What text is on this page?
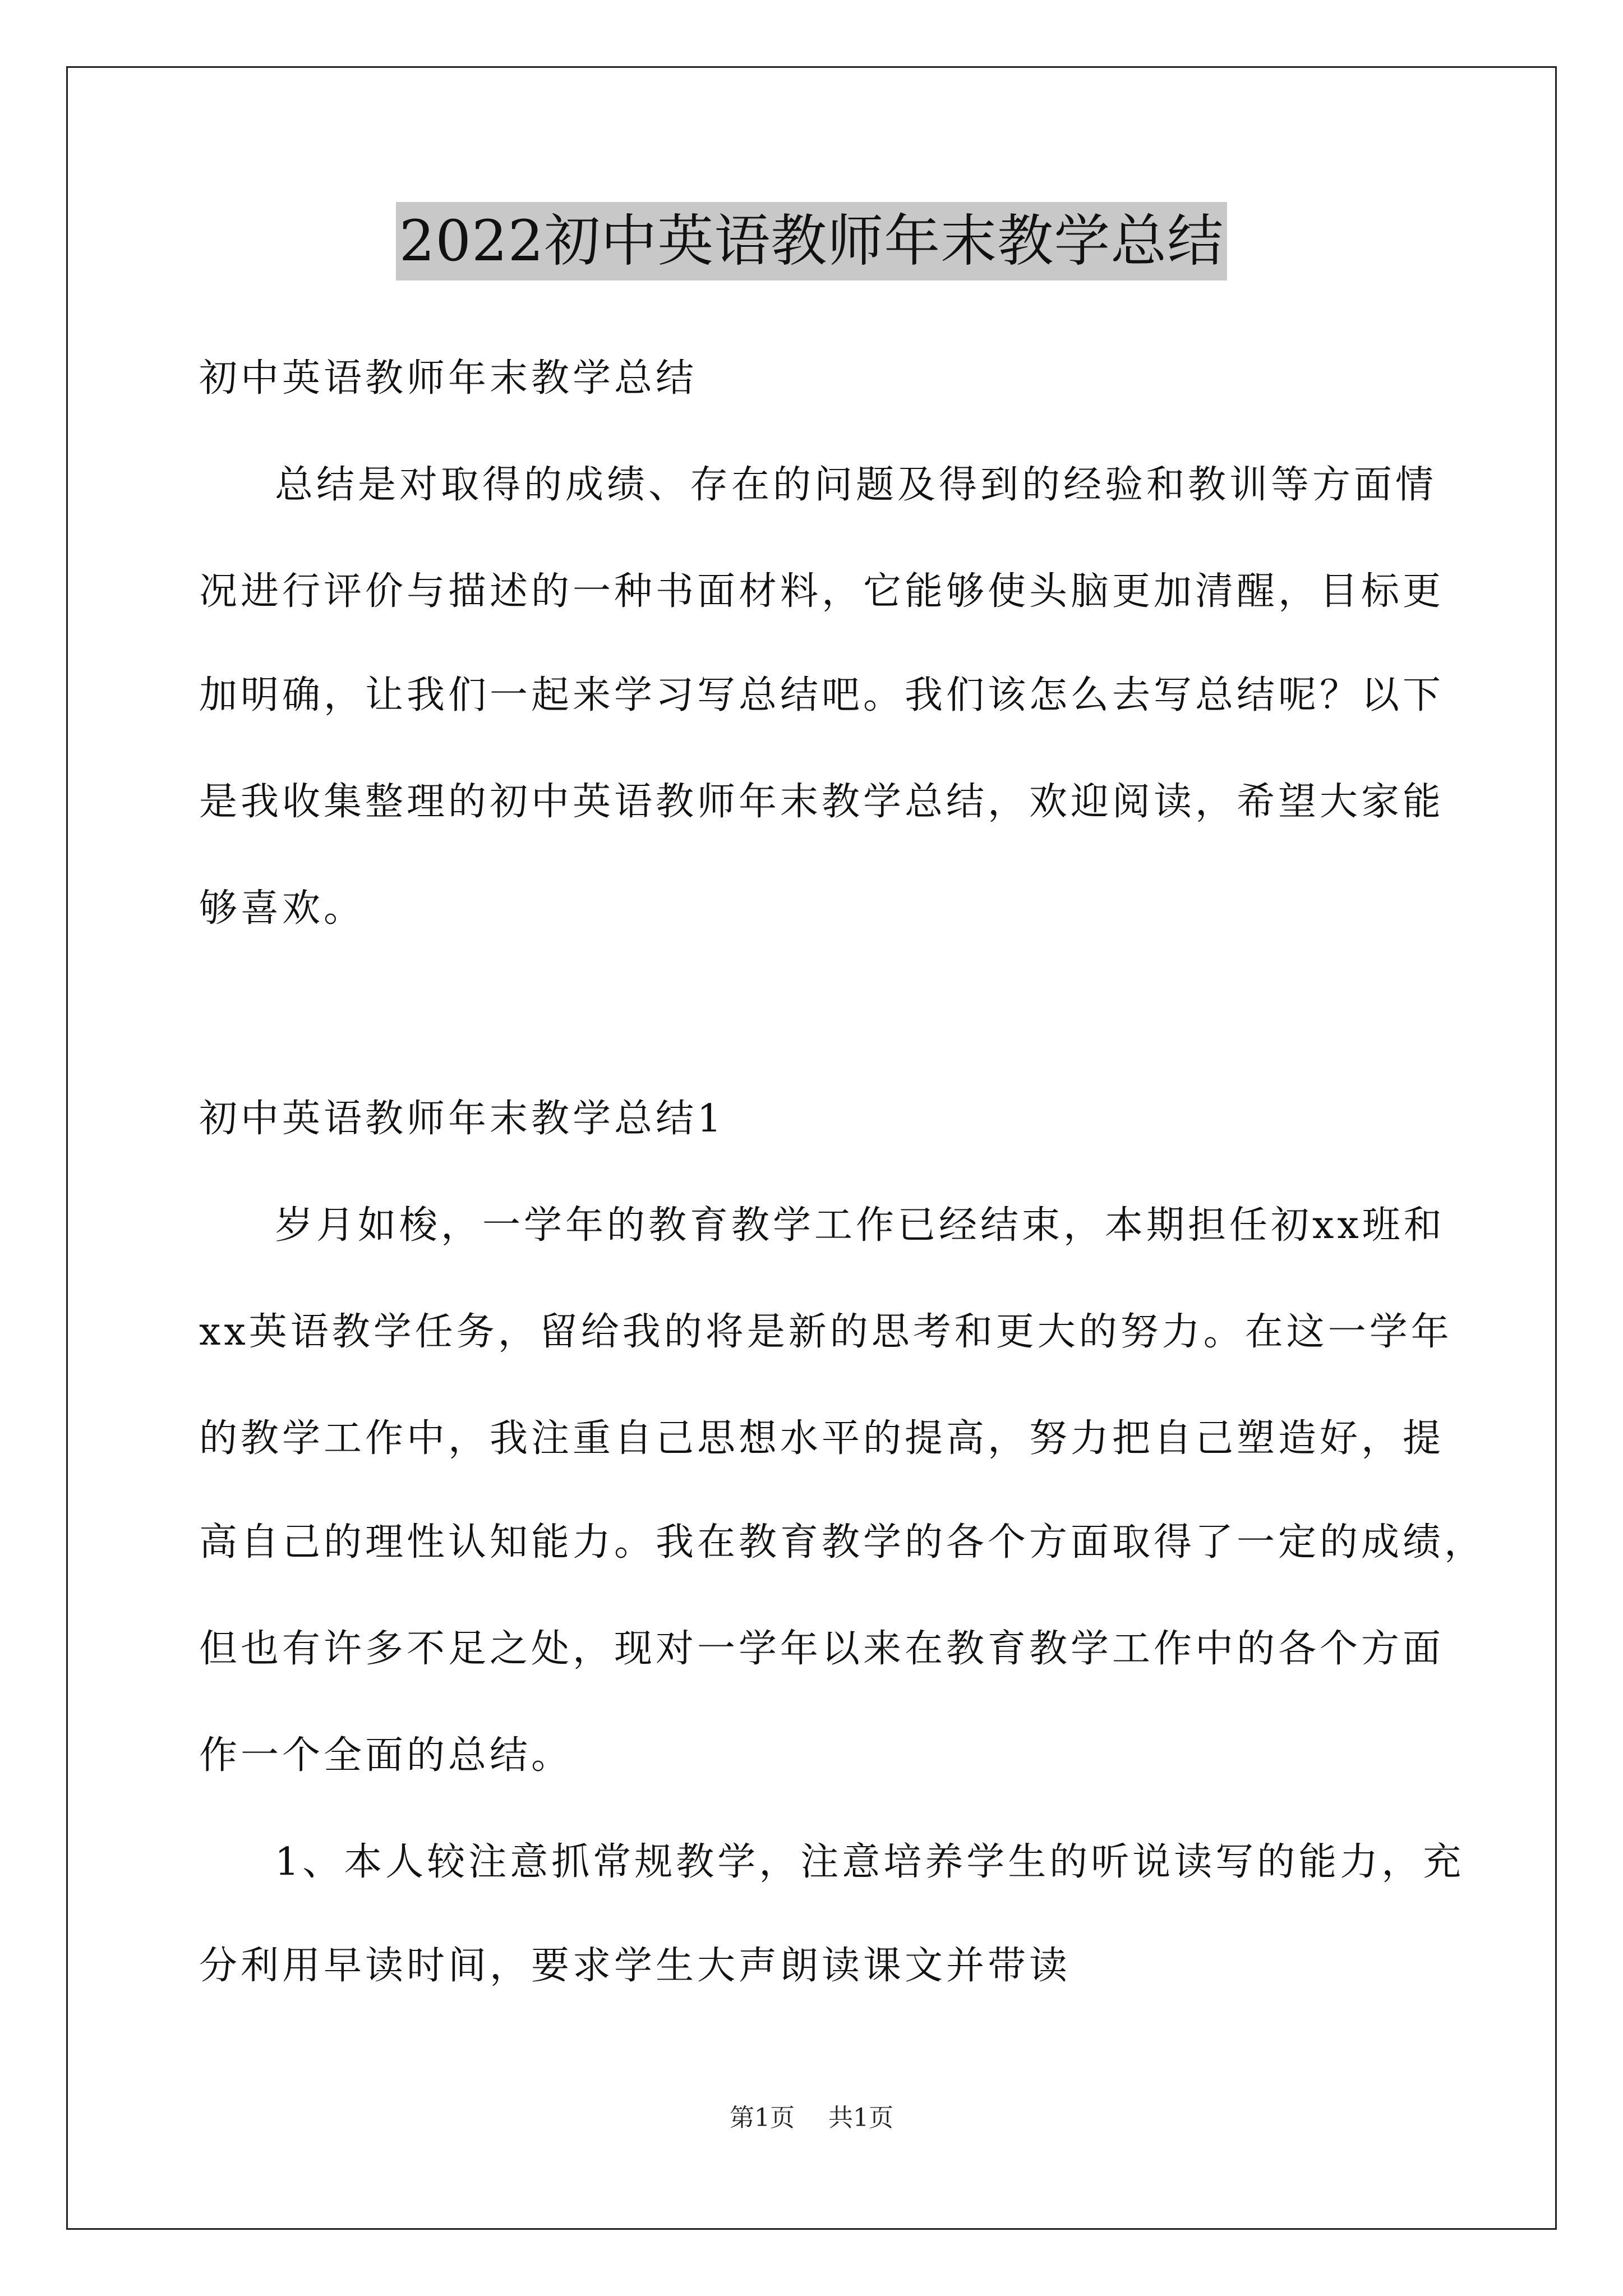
2022初中英语教师年末教学总结
初中英语教师年末教学总结
总结是对取得的成绩、存在的问题及得到的经验和教训等方面情
况进行评价与描述的一种书面材料，它能够使头脑更加清醒，目标更
加明确，让我们一起来学习写总结吧。我们该怎么去写总结呢？以下
是我收集整理的初中英语教师年末教学总结，欢迎阅读，希望大家能
够喜欢。
初中英语教师年末教学总结1
岁月如梭，一学年的教育教学工作已经结束，本期担任初xx班和
xx英语教学任务，留给我的将是新的思考和更大的努力。在这一学年
的教学工作中，我注重自己思想水平的提高，努力把自己塑造好，提
高自己的理性认知能力。我在教育教学的各个方面取得了一定的成绩，
但也有许多不足之处，现对一学年以来在教育教学工作中的各个方面
作一个全面的总结。
1、本人较注意抓常规教学，注意培养学生的听说读写的能力，充
分利用早读时间，要求学生大声朗读课文并带读
第1页 共1页
